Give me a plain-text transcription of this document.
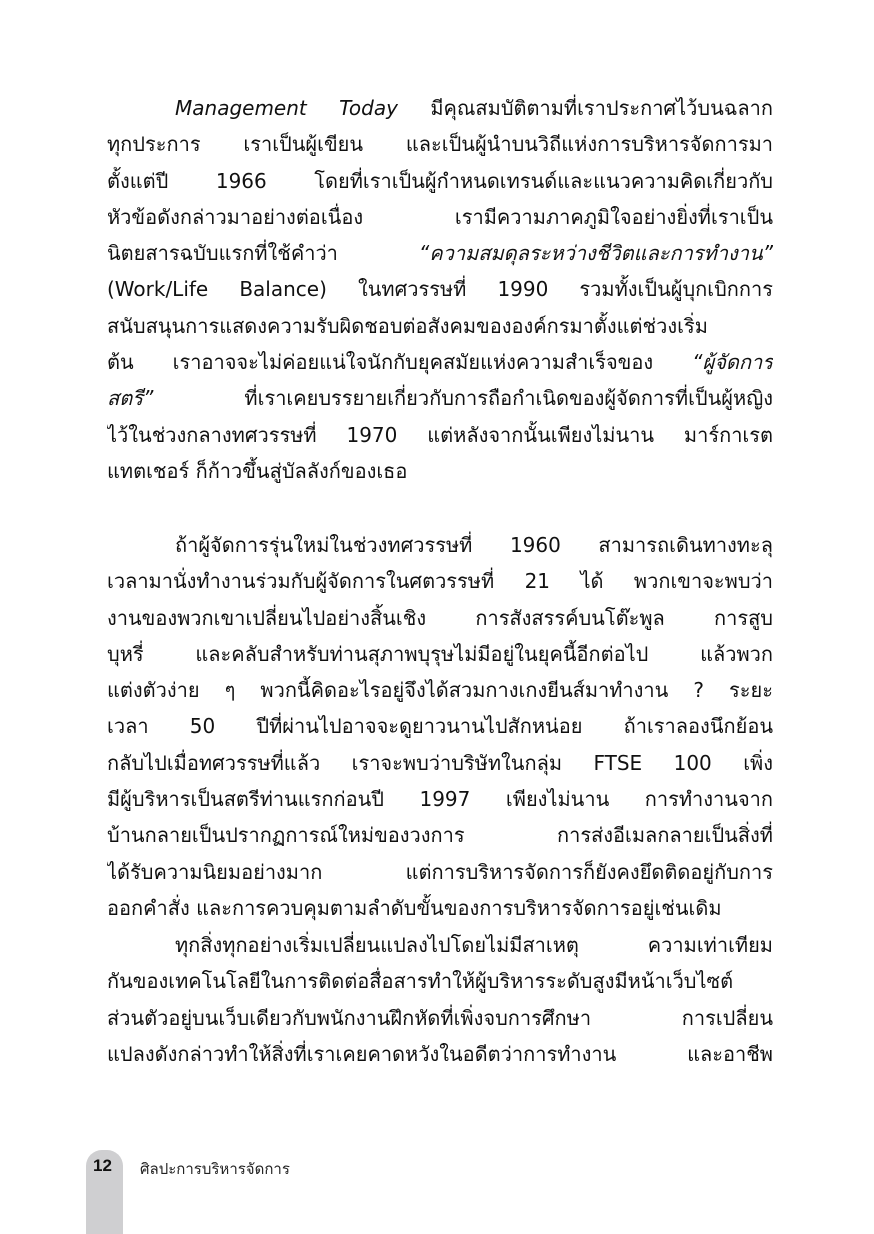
Management Today มีคุณสมบัติตามที่เราประกาศไว้บนฉลาก
ทุกประการ เราเป็นผู้เขียน และเป็นผู้นำบนวิถีแห่งการบริหารจัดการมา
ตั้งแต่ปี 1966 โดยที่เราเป็นผู้กำหนดเทรนด์และแนวความคิดเกี่ยวกับ
หัวข้อดังกล่าวมาอย่างต่อเนื่อง เรามีความภาคภูมิใจอย่างยิ่งที่เราเป็น
นิตยสารฉบับแรกที่ใช้คำว่า “ความสมดุลระหว่างชีวิตและการทำงาน”
(Work/Life Balance) ในทศวรรษที่ 1990 รวมทั้งเป็นผู้บุกเบิกการ
สนับสนุนการแสดงความรับผิดชอบต่อสังคมขององค์กรมาตั้งแต่ช่วงเริ่ม
ต้น เราอาจจะไม่ค่อยแน่ใจนักกับยุคสมัยแห่งความสำเร็จของ “ผู้จัดการ
สตรี” ที่เราเคยบรรยายเกี่ยวกับการถือกำเนิดของผู้จัดการที่เป็นผู้หญิง
ไว้ในช่วงกลางทศวรรษที่ 1970 แต่หลังจากนั้นเพียงไม่นาน มาร์กาเรต
แทตเชอร์ ก็ก้าวขึ้นสู่บัลลังก์ของเธอ
ถ้าผู้จัดการรุ่นใหม่ในช่วงทศวรรษที่ 1960 สามารถเดินทางทะลุ
เวลามานั่งทำงานร่วมกับผู้จัดการในศตวรรษที่ 21 ได้ พวกเขาจะพบว่า
งานของพวกเขาเปลี่ยนไปอย่างสิ้นเชิง การสังสรรค์บนโต๊ะพูล การสูบ
บุหรี่ และคลับสำหรับท่านสุภาพบุรุษไม่มีอยู่ในยุคนี้อีกต่อไป แล้วพวก
แต่งตัวง่าย ๆ พวกนี้คิดอะไรอยู่จึงได้สวมกางเกงยีนส์มาทำงาน ? ระยะ
เวลา 50 ปีที่ผ่านไปอาจจะดูยาวนานไปสักหน่อย ถ้าเราลองนึกย้อน
กลับไปเมื่อทศวรรษที่แล้ว เราจะพบว่าบริษัทในกลุ่ม FTSE 100 เพิ่ง
มีผู้บริหารเป็นสตรีท่านแรกก่อนปี 1997 เพียงไม่นาน การทำงานจาก
บ้านกลายเป็นปรากฏการณ์ใหม่ของวงการ การส่งอีเมลกลายเป็นสิ่งที่
ได้รับความนิยมอย่างมาก แต่การบริหารจัดการก็ยังคงยึดติดอยู่กับการ
ออกคำสั่ง และการควบคุมตามลำดับขั้นของการบริหารจัดการอยู่เช่นเดิม
ทุกสิ่งทุกอย่างเริ่มเปลี่ยนแปลงไปโดยไม่มีสาเหตุ ความเท่าเทียม
กันของเทคโนโลยีในการติดต่อสื่อสารทำให้ผู้บริหารระดับสูงมีหน้าเว็บไซต์
ส่วนตัวอยู่บนเว็บเดียวกับพนักงานฝึกหัดที่เพิ่งจบการศึกษา การเปลี่ยน
แปลงดังกล่าวทำให้สิ่งที่เราเคยคาดหวังในอดีตว่าการทำงาน และอาชีพ
12 ศิลปะการบริหารจัดการ
